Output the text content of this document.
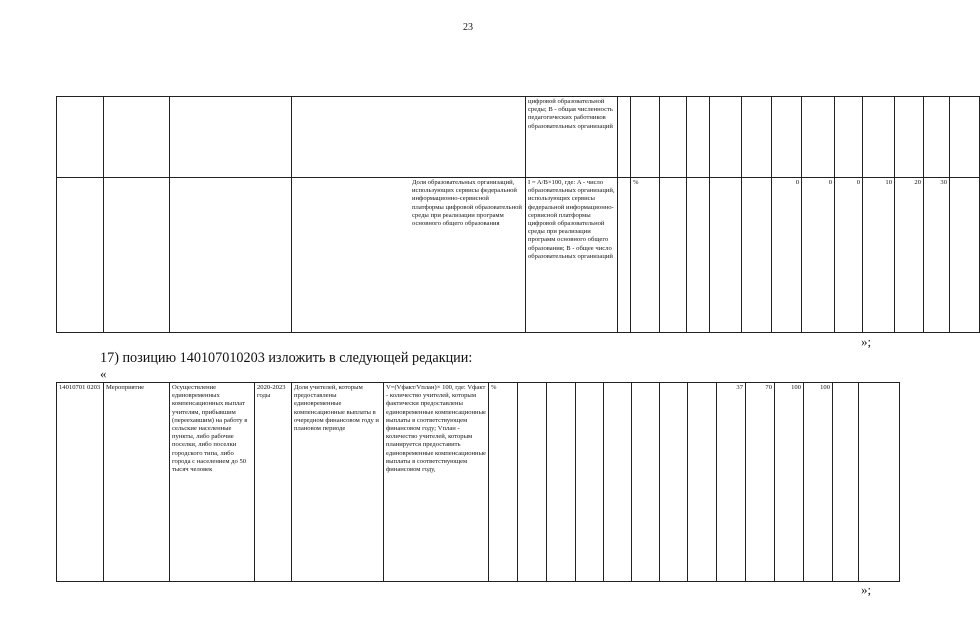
23
				цифровой образовательной среды; B - общая численность педагогических работников образовательных организаций													

			Доля образовательных организаций, использующих сервисы федеральной информационно-сервисной платформы цифровой образовательной среды при реализации программ основного общего образования	I = A/B×100, где: A - число образовательных организаций, использующих сервисы федеральной информационно-сервисной платформы цифровой образовательной среды при реализации программ основного общего образования; B - общее число образовательных организаций		%					0	0	0	10	20	30	
»;
17) позицию 140107010203 изложить в следующей редакции:
«
14010701 0203	Мероприятие	Осуществление единовременных компенсационных выплат учителям, прибывшим (переехавшим) на работу в сельские населенные пункты, либо рабочие поселки, либо поселки городского типа, либо города с населением до 50 тысяч человек	2020-2023 годы	Доля учителей, которым предоставлены единовременные компенсационные выплаты в очередном финансовом году и плановом периоде	V=(Vфакт/Vплан)× 100, где: Vфакт - количество учителей, которым фактически предоставлены единовременные компенсационные выплаты в соответствующем финансовом году; Vплан - количество учителей, которым планируется предоставить единовременные компенсационные выплаты в соответствующем финансовом году,	%								37	70	100	100		
»;
